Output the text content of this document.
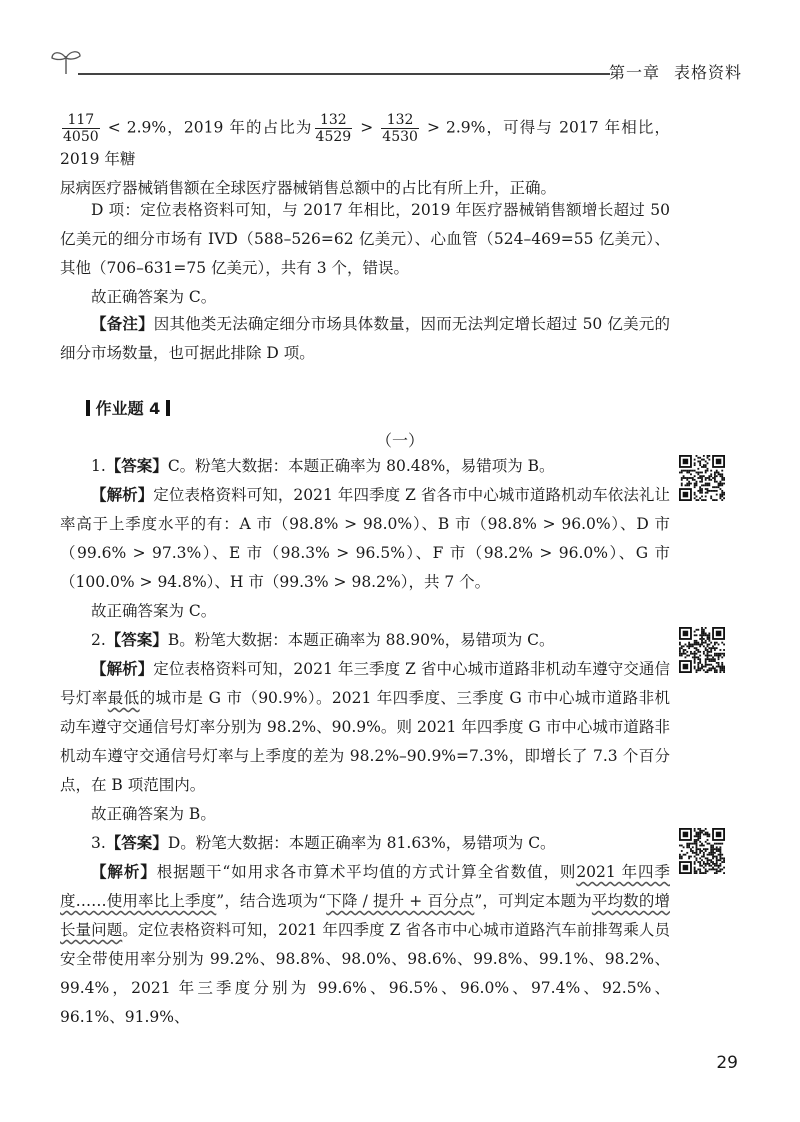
第一章 表格资料

$\frac{117}{4050} < 2.9\%$，2019 年的占比为 $\frac{132}{4529} > \frac{132}{4530} > 2.9\%$，可得与 2017 年相比，2019 年糖
尿病医疗器械销售额在全球医疗器械销售总额中的占比有所上升，正确。

D 项：定位表格资料可知，与 2017 年相比，2019 年医疗器械销售额增长超过 50 亿美元的细分市场有 IVD（588–526=62 亿美元）、心血管（524–469=55 亿美元）、其他（706–631=75 亿美元），共有 3 个，错误。

故正确答案为 C。

【备注】因其他类无法确定细分市场具体数量，因而无法判定增长超过 50 亿美元的细分市场数量，也可据此排除 D 项。

作业题 4
（一）

1.【答案】C。粉笔大数据：本题正确率为 80.48%，易错项为 B。

【解析】定位表格资料可知，2021 年四季度 Z 省各市中心城市道路机动车依法礼让率高于上季度水平的有：A 市（98.8% > 98.0%）、B 市（98.8% > 96.0%）、D 市（99.6% > 97.3%）、E 市（98.3% > 96.5%）、F 市（98.2% > 96.0%）、G 市（100.0% > 94.8%）、H 市（99.3% > 98.2%），共 7 个。

故正确答案为 C。

2.【答案】B。粉笔大数据：本题正确率为 88.90%，易错项为 C。

【解析】定位表格资料可知，2021 年三季度 Z 省中心城市道路非机动车遵守交通信号灯率最低的城市是 G 市（90.9%）。2021 年四季度、三季度 G 市中心城市道路非机动车遵守交通信号灯率分别为 98.2%、90.9%。则 2021 年四季度 G 市中心城市道路非机动车遵守交通信号灯率与上季度的差为 98.2%–90.9%=7.3%，即增长了 7.3 个百分点，在 B 项范围内。

故正确答案为 B。

3.【答案】D。粉笔大数据：本题正确率为 81.63%，易错项为 C。

【解析】根据题干“如用求各市算术平均值的方式计算全省数值，则2021 年四季度……使用率比上季度”，结合选项为“下降 / 提升 + 百分点”，可判定本题为平均数的增长量问题。定位表格资料可知，2021 年四季度 Z 省各市中心城市道路汽车前排驾乘人员安全带使用率分别为 99.2%、98.8%、98.0%、98.6%、99.8%、99.1%、98.2%、99.4%，2021 年三季度分别为 99.6%、96.5%、96.0%、97.4%、92.5%、96.1%、91.9%、

29
